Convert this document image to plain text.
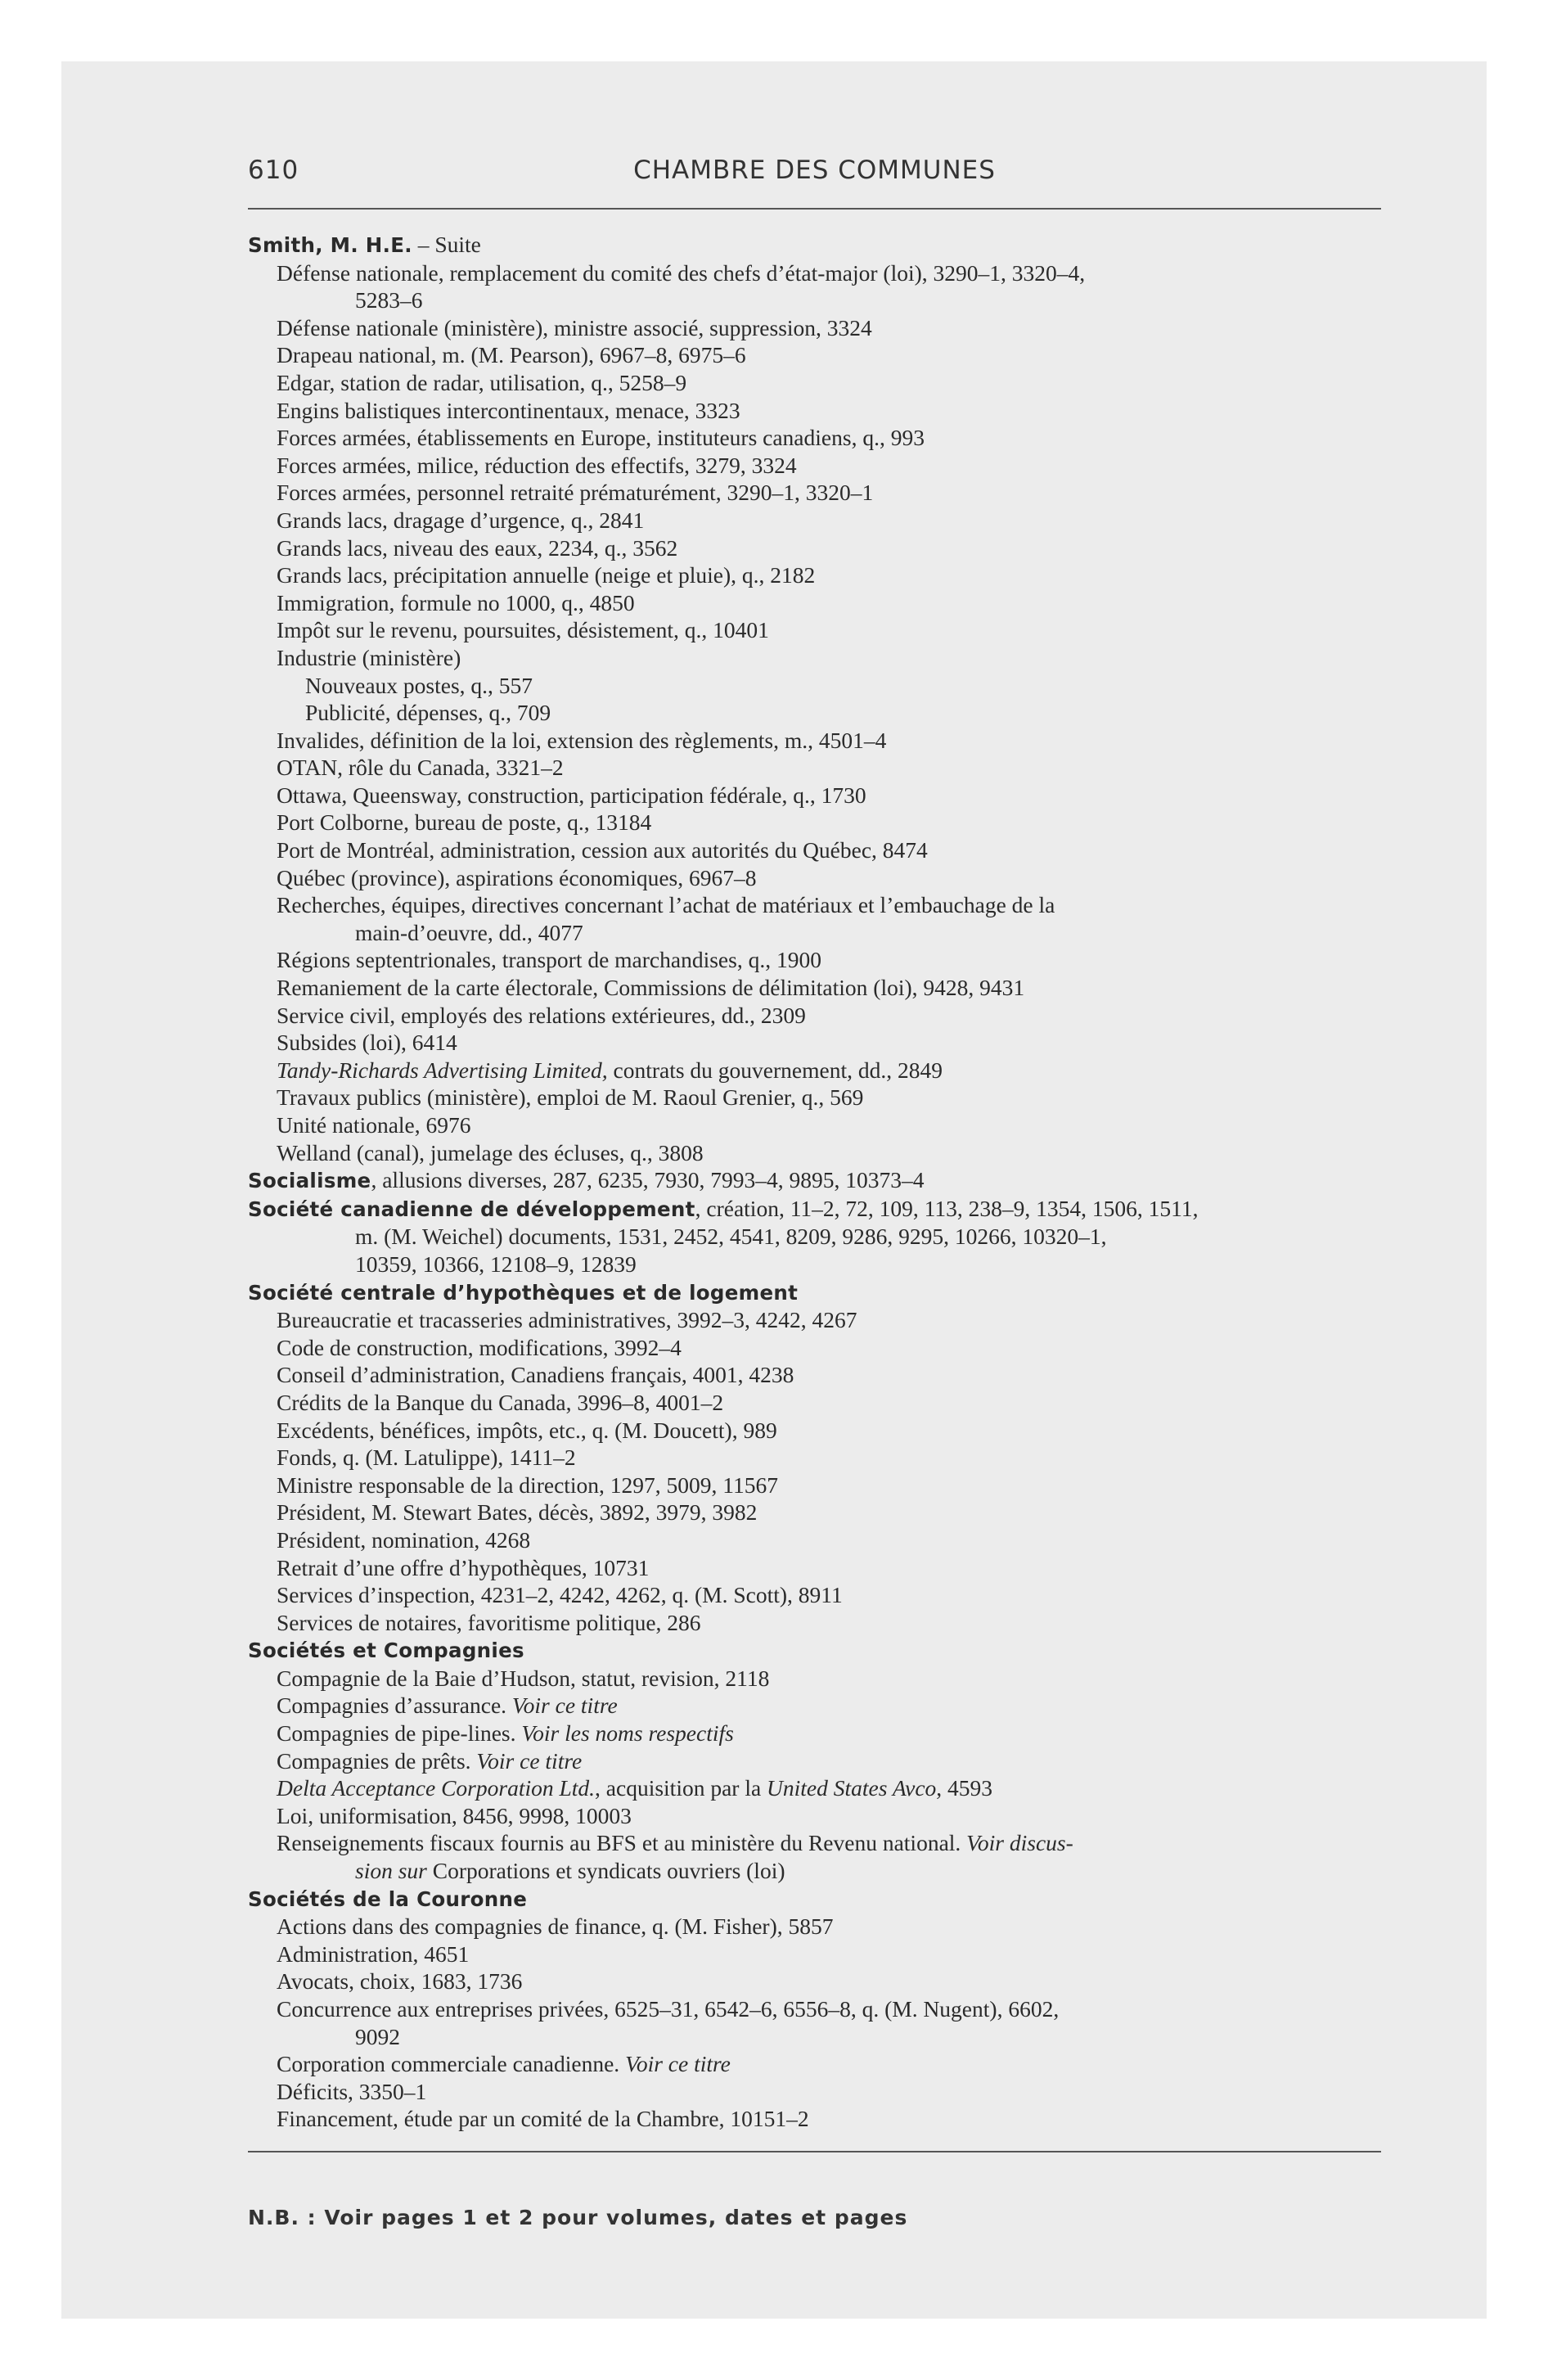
610	CHAMBRE DES COMMUNES
Smith, M. H.E. – Suite
Défense nationale, remplacement du comité des chefs d’état-major (loi), 3290–1, 3320–4,
5283–6
Défense nationale (ministère), ministre associé, suppression, 3324
Drapeau national, m. (M. Pearson), 6967–8, 6975–6
Edgar, station de radar, utilisation, q., 5258–9
Engins balistiques intercontinentaux, menace, 3323
Forces armées, établissements en Europe, instituteurs canadiens, q., 993
Forces armées, milice, réduction des effectifs, 3279, 3324
Forces armées, personnel retraité prématurément, 3290–1, 3320–1
Grands lacs, dragage d’urgence, q., 2841
Grands lacs, niveau des eaux, 2234, q., 3562
Grands lacs, précipitation annuelle (neige et pluie), q., 2182
Immigration, formule no 1000, q., 4850
Impôt sur le revenu, poursuites, désistement, q., 10401
Industrie (ministère)
Nouveaux postes, q., 557
Publicité, dépenses, q., 709
Invalides, définition de la loi, extension des règlements, m., 4501–4
OTAN, rôle du Canada, 3321–2
Ottawa, Queensway, construction, participation fédérale, q., 1730
Port Colborne, bureau de poste, q., 13184
Port de Montréal, administration, cession aux autorités du Québec, 8474
Québec (province), aspirations économiques, 6967–8
Recherches, équipes, directives concernant l’achat de matériaux et l’embauchage de la
main-d’oeuvre, dd., 4077
Régions septentrionales, transport de marchandises, q., 1900
Remaniement de la carte électorale, Commissions de délimitation (loi), 9428, 9431
Service civil, employés des relations extérieures, dd., 2309
Subsides (loi), 6414
Tandy-Richards Advertising Limited, contrats du gouvernement, dd., 2849
Travaux publics (ministère), emploi de M. Raoul Grenier, q., 569
Unité nationale, 6976
Welland (canal), jumelage des écluses, q., 3808
Socialisme, allusions diverses, 287, 6235, 7930, 7993–4, 9895, 10373–4
Société canadienne de développement, création, 11–2, 72, 109, 113, 238–9, 1354, 1506, 1511,
m. (M. Weichel) documents, 1531, 2452, 4541, 8209, 9286, 9295, 10266, 10320–1,
10359, 10366, 12108–9, 12839
Société centrale d’hypothèques et de logement
Bureaucratie et tracasseries administratives, 3992–3, 4242, 4267
Code de construction, modifications, 3992–4
Conseil d’administration, Canadiens français, 4001, 4238
Crédits de la Banque du Canada, 3996–8, 4001–2
Excédents, bénéfices, impôts, etc., q. (M. Doucett), 989
Fonds, q. (M. Latulippe), 1411–2
Ministre responsable de la direction, 1297, 5009, 11567
Président, M. Stewart Bates, décès, 3892, 3979, 3982
Président, nomination, 4268
Retrait d’une offre d’hypothèques, 10731
Services d’inspection, 4231–2, 4242, 4262, q. (M. Scott), 8911
Services de notaires, favoritisme politique, 286
Sociétés et Compagnies
Compagnie de la Baie d’Hudson, statut, revision, 2118
Compagnies d’assurance. Voir ce titre
Compagnies de pipe-lines. Voir les noms respectifs
Compagnies de prêts. Voir ce titre
Delta Acceptance Corporation Ltd., acquisition par la United States Avco, 4593
Loi, uniformisation, 8456, 9998, 10003
Renseignements fiscaux fournis au BFS et au ministère du Revenu national. Voir discus-
sion sur Corporations et syndicats ouvriers (loi)
Sociétés de la Couronne
Actions dans des compagnies de finance, q. (M. Fisher), 5857
Administration, 4651
Avocats, choix, 1683, 1736
Concurrence aux entreprises privées, 6525–31, 6542–6, 6556–8, q. (M. Nugent), 6602,
9092
Corporation commerciale canadienne. Voir ce titre
Déficits, 3350–1
Financement, étude par un comité de la Chambre, 10151–2
N.B. : Voir pages 1 et 2 pour volumes, dates et pages
